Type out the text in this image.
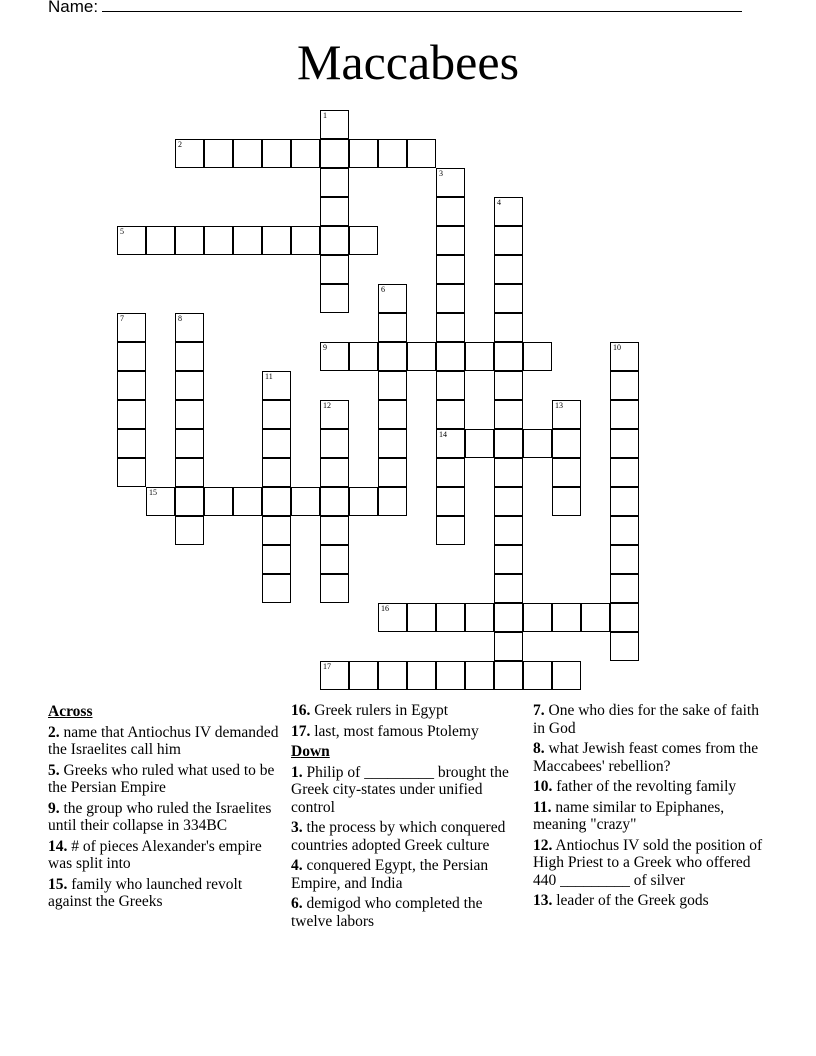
Name:
Maccabees
1
2
3
14
4
5
6
7	8
9	10
11
12	13
15
16
17
Across
2. name that Antiochus IV demanded the Israelites call him
5. Greeks who ruled what used to be the Persian Empire
9. the group who ruled the Israelites until their collapse in 334BC
14. # of pieces Alexander's empire was split into
15. family who launched revolt against the Greeks
16. Greek rulers in Egypt
17. last, most famous Ptolemy
Down
1. Philip of _________ brought the Greek city-states under unified control
3. the process by which conquered countries adopted Greek culture
4. conquered Egypt, the Persian Empire, and India
6. demigod who completed the twelve labors
7. One who dies for the sake of faith in God
8. what Jewish feast comes from the Maccabees' rebellion?
10. father of the revolting family
11. name similar to Epiphanes, meaning "crazy"
12. Antiochus IV sold the position of High Priest to a Greek who offered 440 _________ of silver
13. leader of the Greek gods
